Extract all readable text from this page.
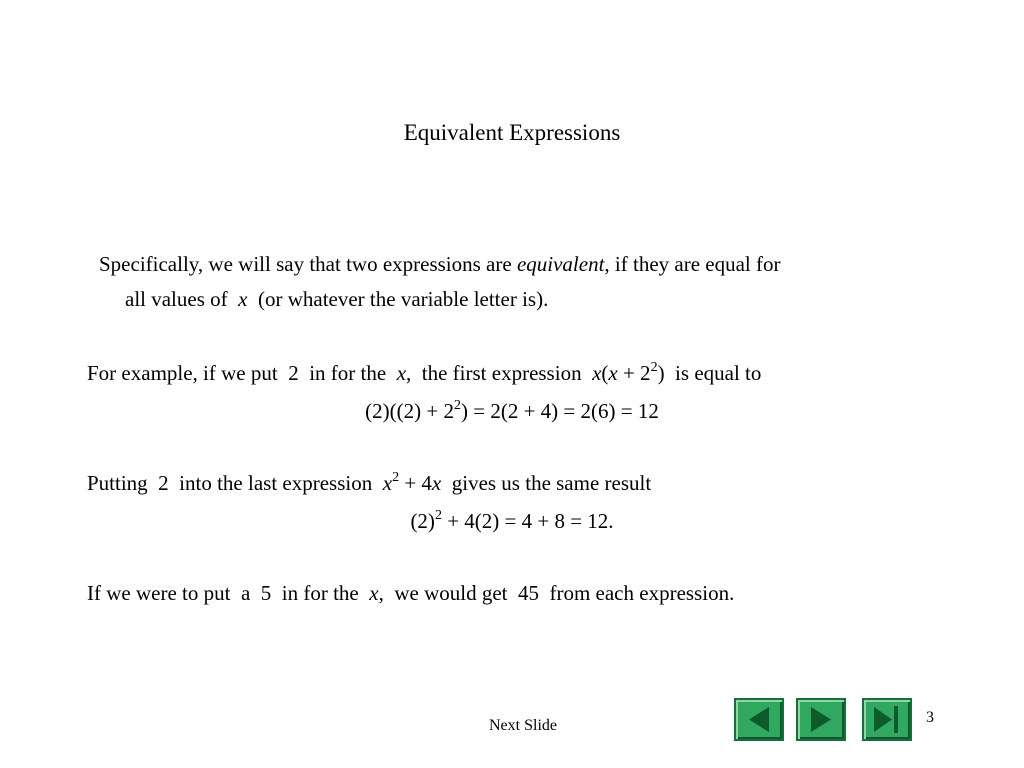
Equivalent Expressions
Specifically, we will say that two expressions are equivalent, if they are equal for
all values of  x  (or whatever the variable letter is).
For example, if we put  2  in for the  x,  the first expression  $x(x + 2^2)$  is equal to
$(2)((2) + 2^2) = 2(2 + 4) = 2(6) = 12$
Putting  2  into the last expression  $x^2 + 4x$  gives us the same result
$(2)^2 + 4(2) = 4 + 8 = 12$.
If we were to put  a  5  in for the  x,  we would get  45  from each expression.
Next Slide	3
